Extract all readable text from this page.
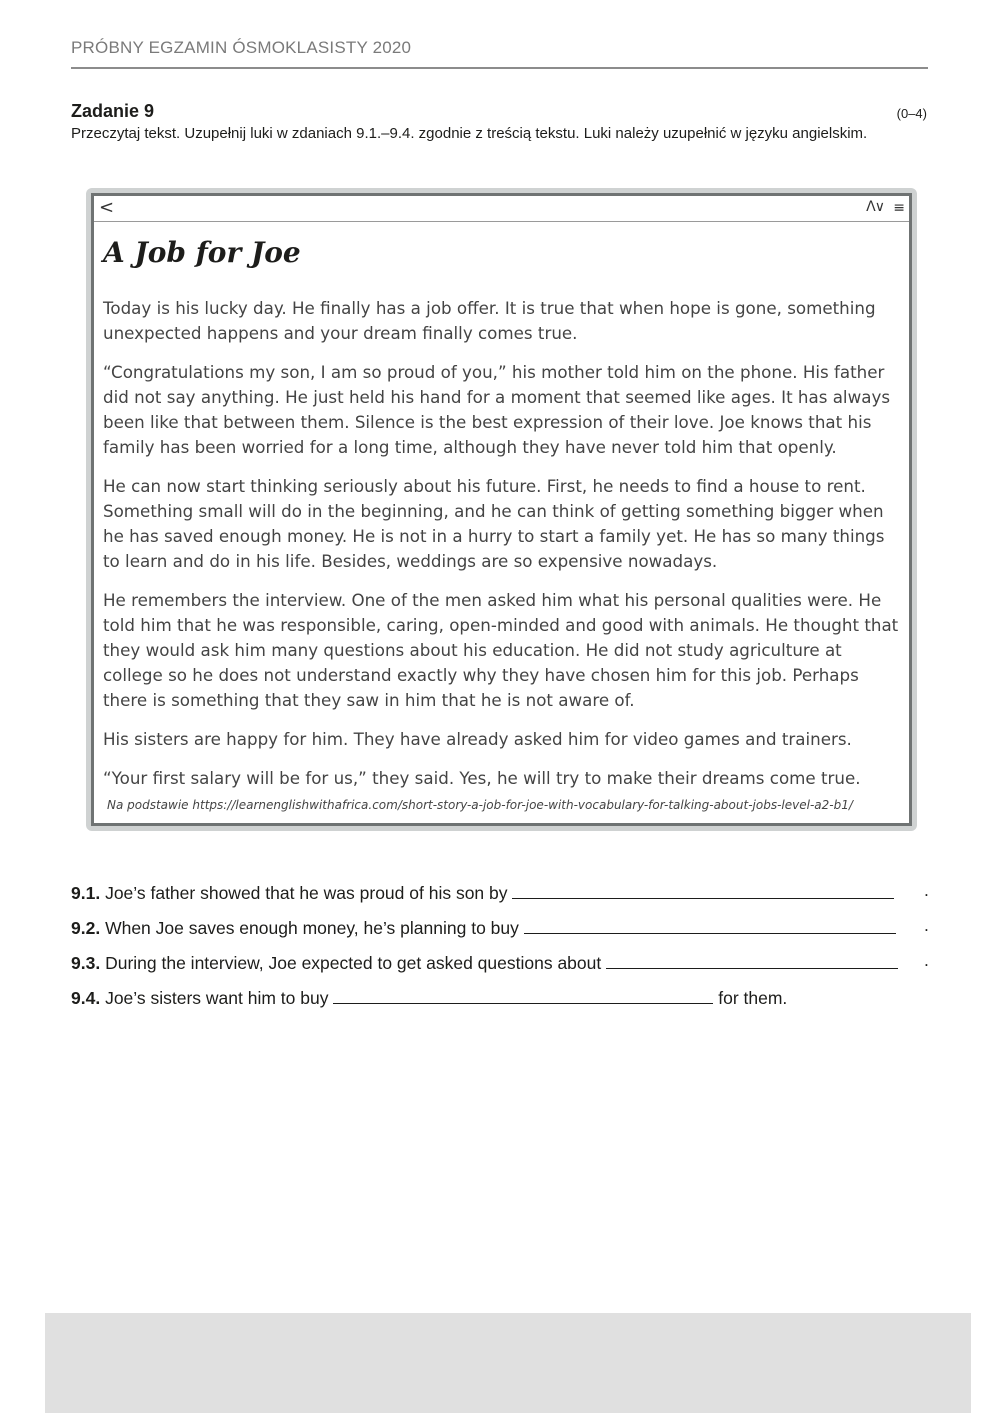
PRÓBNY EGZAMIN ÓSMOKLASISTY 2020
Zadanie 9	(0–4)
Przeczytaj tekst. Uzupełnij luki w zdaniach 9.1.–9.4. zgodnie z treścią tekstu. Luki należy uzupełnić w języku angielskim.
<	Λ∨ ≡
A Job for Joe

Today is his lucky day. He finally has a job offer. It is true that when hope is gone, something unexpected happens and your dream finally comes true.

“Congratulations my son, I am so proud of you,” his mother told him on the phone. His father did not say anything. He just held his hand for a moment that seemed like ages. It has always been like that between them. Silence is the best expression of their love. Joe knows that his family has been worried for a long time, although they have never told him that openly.

He can now start thinking seriously about his future. First, he needs to find a house to rent. Something small will do in the beginning, and he can think of getting something bigger when he has saved enough money. He is not in a hurry to start a family yet. He has so many things to learn and do in his life. Besides, weddings are so expensive nowadays.

He remembers the interview. One of the men asked him what his personal qualities were. He told him that he was responsible, caring, open-minded and good with animals. He thought that they would ask him many questions about his education. He did not study agriculture at college so he does not understand exactly why they have chosen him for this job. Perhaps there is something that they saw in him that he is not aware of.

His sisters are happy for him. They have already asked him for video games and trainers.

“Your first salary will be for us,” they said. Yes, he will try to make their dreams come true.

Na podstawie https://learnenglishwithafrica.com/short-story-a-job-for-joe-with-vocabulary-for-talking-about-jobs-level-a2-b1/
9.1. Joe’s father showed that he was proud of his son by	.
9.2. When Joe saves enough money, he’s planning to buy	.
9.3. During the interview, Joe expected to get asked questions about	.
9.4. Joe’s sisters want him to buy	for them.
